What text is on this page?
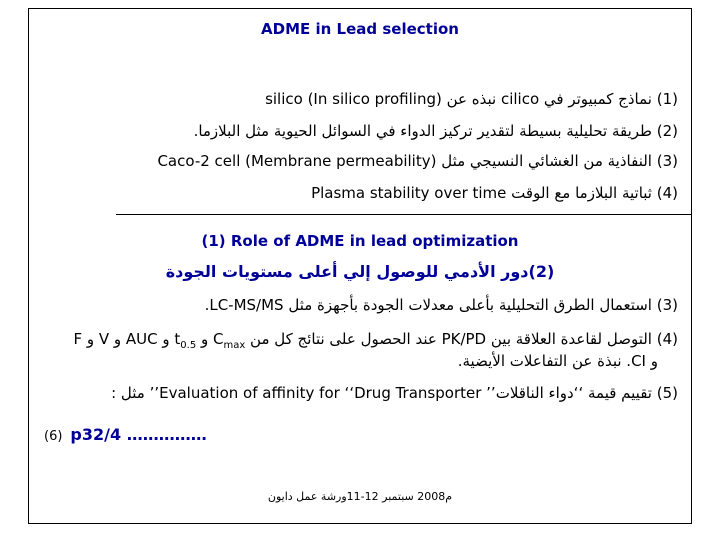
ADME in Lead selection
(1) نماذج كمبيوتر في cilico نبذه عن silico (In silico profiling)
(2) طريقة تحليلية بسيطة لتقدير تركيز الدواء في السوائل الحيوية مثل البلازما.
(3) النفاذية من الغشائي النسيجي مثل Caco-2 cell (Membrane permeability)
(4) ثباتية البلازما مع الوقت Plasma stability over time
(1) Role of ADME in lead optimization
(2)دور الأدمي للوصول إلي أعلى مستويات الجودة
(3) استعمال الطرق التحليلية بأعلى معدلات الجودة بأجهزة مثل LC-MS/MS.
(4) التوصل لقاعدة العلاقة بين PK/PD عند الحصول على نتائج كل من $C_{max}$ و $t_{0.5}$ و AUC و V و F
و CI. نبذة عن التفاعلات الأيضية.
(5) تقييم قيمة ‘‘دواء الناقلات’’ Evaluation of affinity for ‘‘Drug Transporter’’ مثل :
(6) p32/4 ……………
م2008 سبتمبر 12-11ورشة عمل دايون
